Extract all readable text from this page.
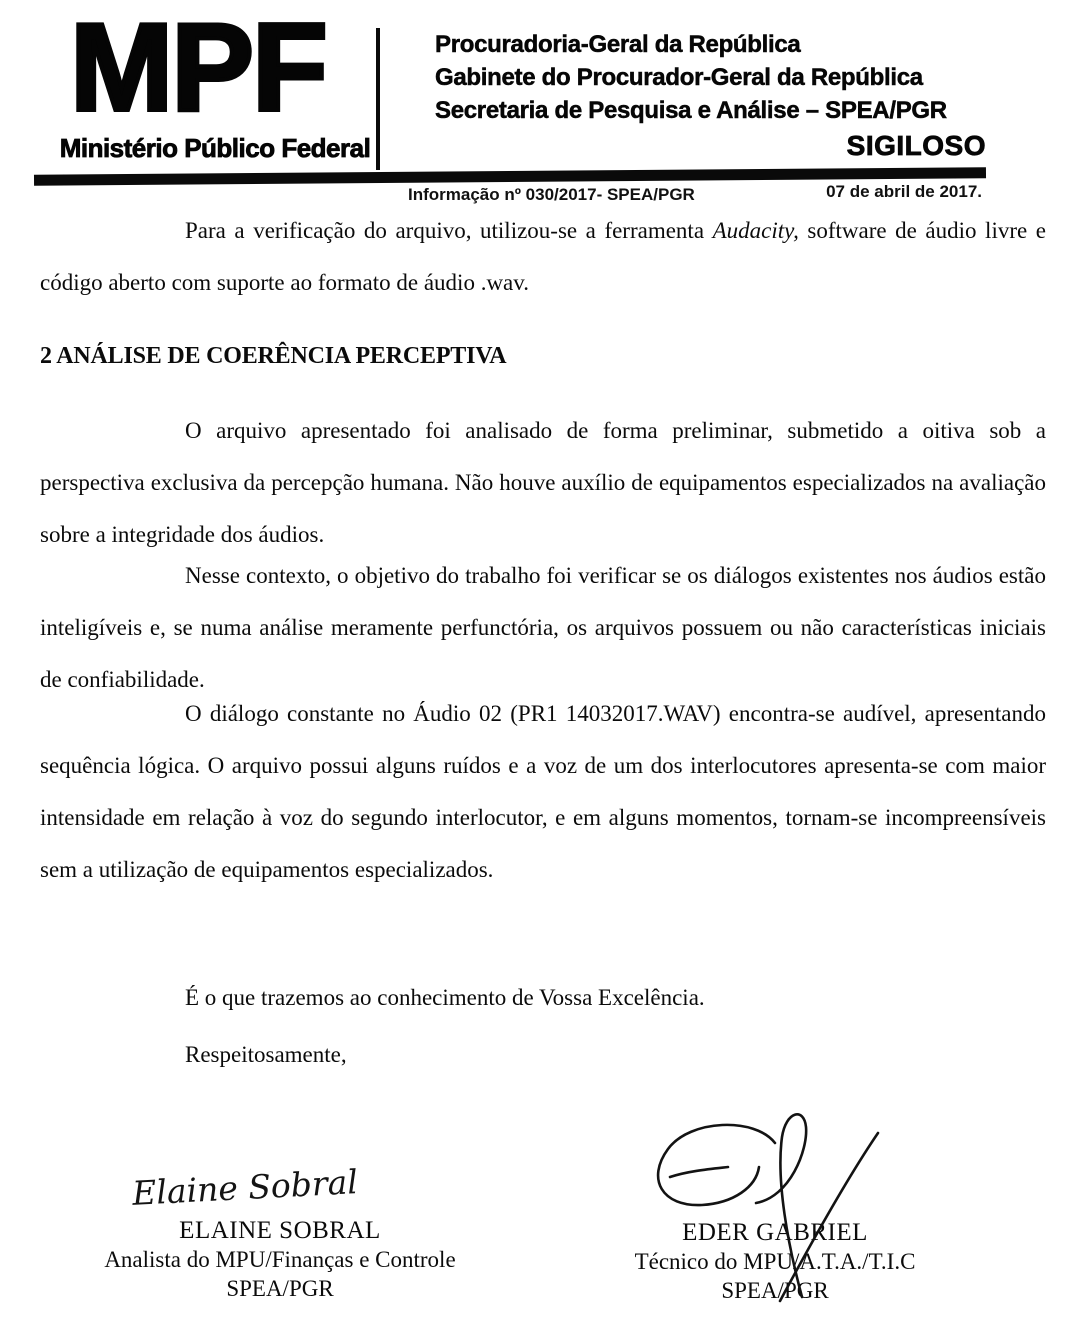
MPF
Ministério Público Federal
Procuradoria-Geral da República
Gabinete do Procurador-Geral da República
Secretaria de Pesquisa e Análise – SPEA/PGR
SIGILOSO
Informação nº 030/2017- SPEA/PGR	07 de abril de 2017.
Para a verificação do arquivo, utilizou-se a ferramenta Audacity, software de áudio livre e código aberto com suporte ao formato de áudio .wav.
2 ANÁLISE DE COERÊNCIA PERCEPTIVA
O arquivo apresentado foi analisado de forma preliminar, submetido a oitiva sob a perspectiva exclusiva da percepção humana. Não houve auxílio de equipamentos especializados na avaliação sobre a integridade dos áudios.
Nesse contexto, o objetivo do trabalho foi verificar se os diálogos existentes nos áudios estão inteligíveis e, se numa análise meramente perfunctória, os arquivos possuem ou não características iniciais de confiabilidade.
O diálogo constante no Áudio 02 (PR1 14032017.WAV) encontra-se audível, apresentando sequência lógica. O arquivo possui alguns ruídos e a voz de um dos interlocutores apresenta-se com maior intensidade em relação à voz do segundo interlocutor, e em alguns momentos, tornam-se incompreensíveis sem a utilização de equipamentos especializados.
É o que trazemos ao conhecimento de Vossa Excelência.
Respeitosamente,
Elaine Sobral
ELAINE SOBRAL
Analista do MPU/Finanças e Controle
SPEA/PGR
EDER GABRIEL
Técnico do MPU/A.T.A./T.I.C
SPEA/PGR
